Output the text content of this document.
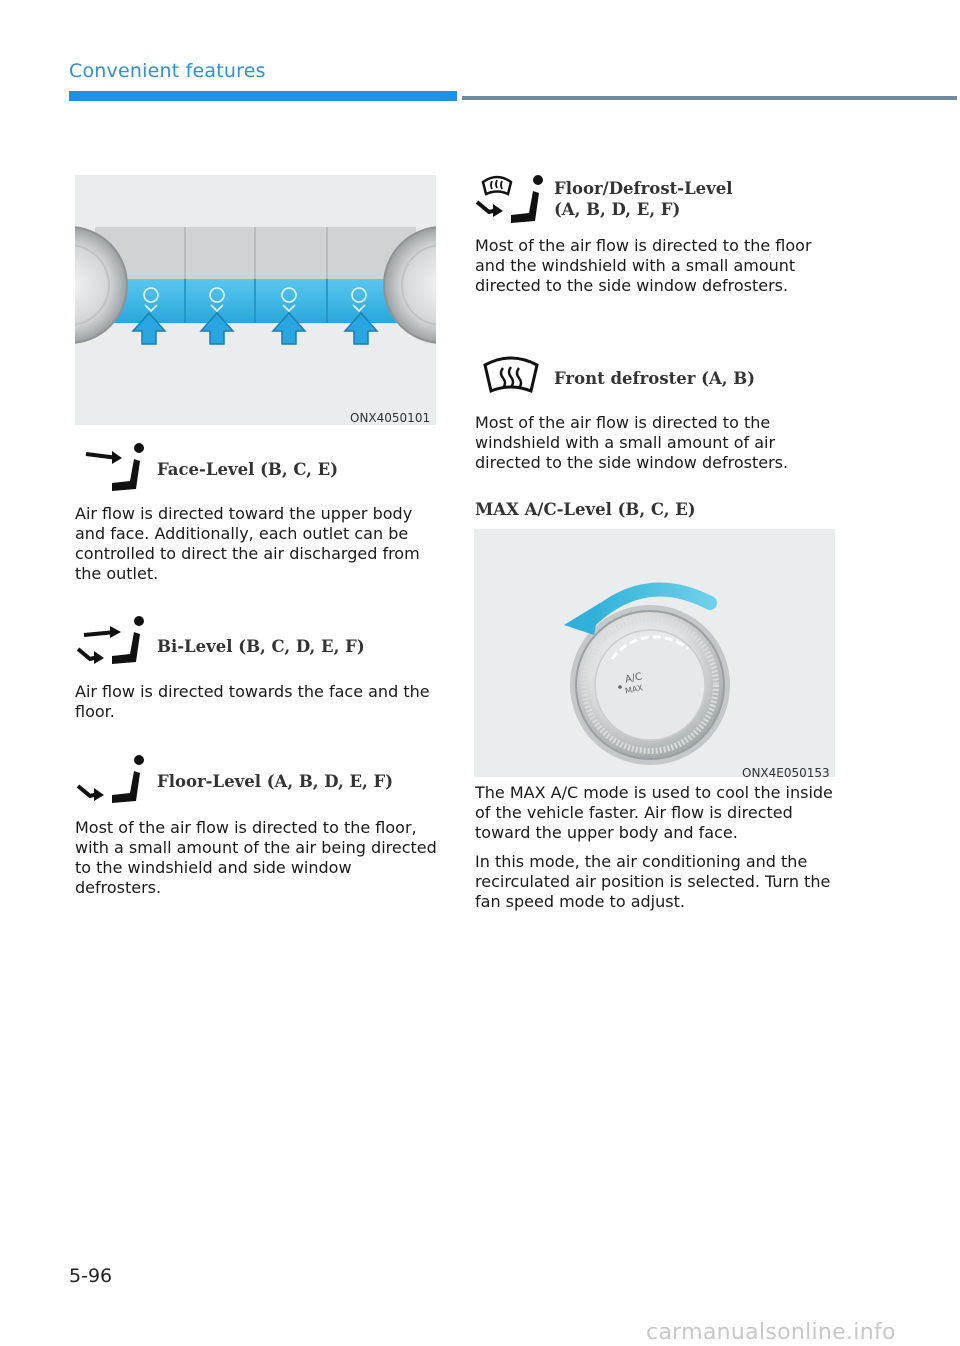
Convenient features
ONX4050101
Face-Level (B, C, E)

Air flow is directed toward the upper body and face. Additionally, each outlet can be controlled to direct the air discharged from the outlet.

Bi-Level (B, C, D, E, F)

Air flow is directed towards the face and the floor.

Floor-Level (A, B, D, E, F)

Most of the air flow is directed to the floor, with a small amount of the air being directed to the windshield and side window defrosters.

Floor/Defrost-Level
(A, B, D, E, F)

Most of the air flow is directed to the floor and the windshield with a small amount directed to the side window defrosters.

Front defroster (A, B)

Most of the air flow is directed to the windshield with a small amount of air directed to the side window defrosters.

MAX A/C-Level (B, C, E)
A/C
MAX
ONX4E050153

The MAX A/C mode is used to cool the inside of the vehicle faster. Air flow is directed toward the upper body and face.

In this mode, the air conditioning and the recirculated air position is selected. Turn the fan speed mode to adjust.

5-96
carmanualsonline.info
